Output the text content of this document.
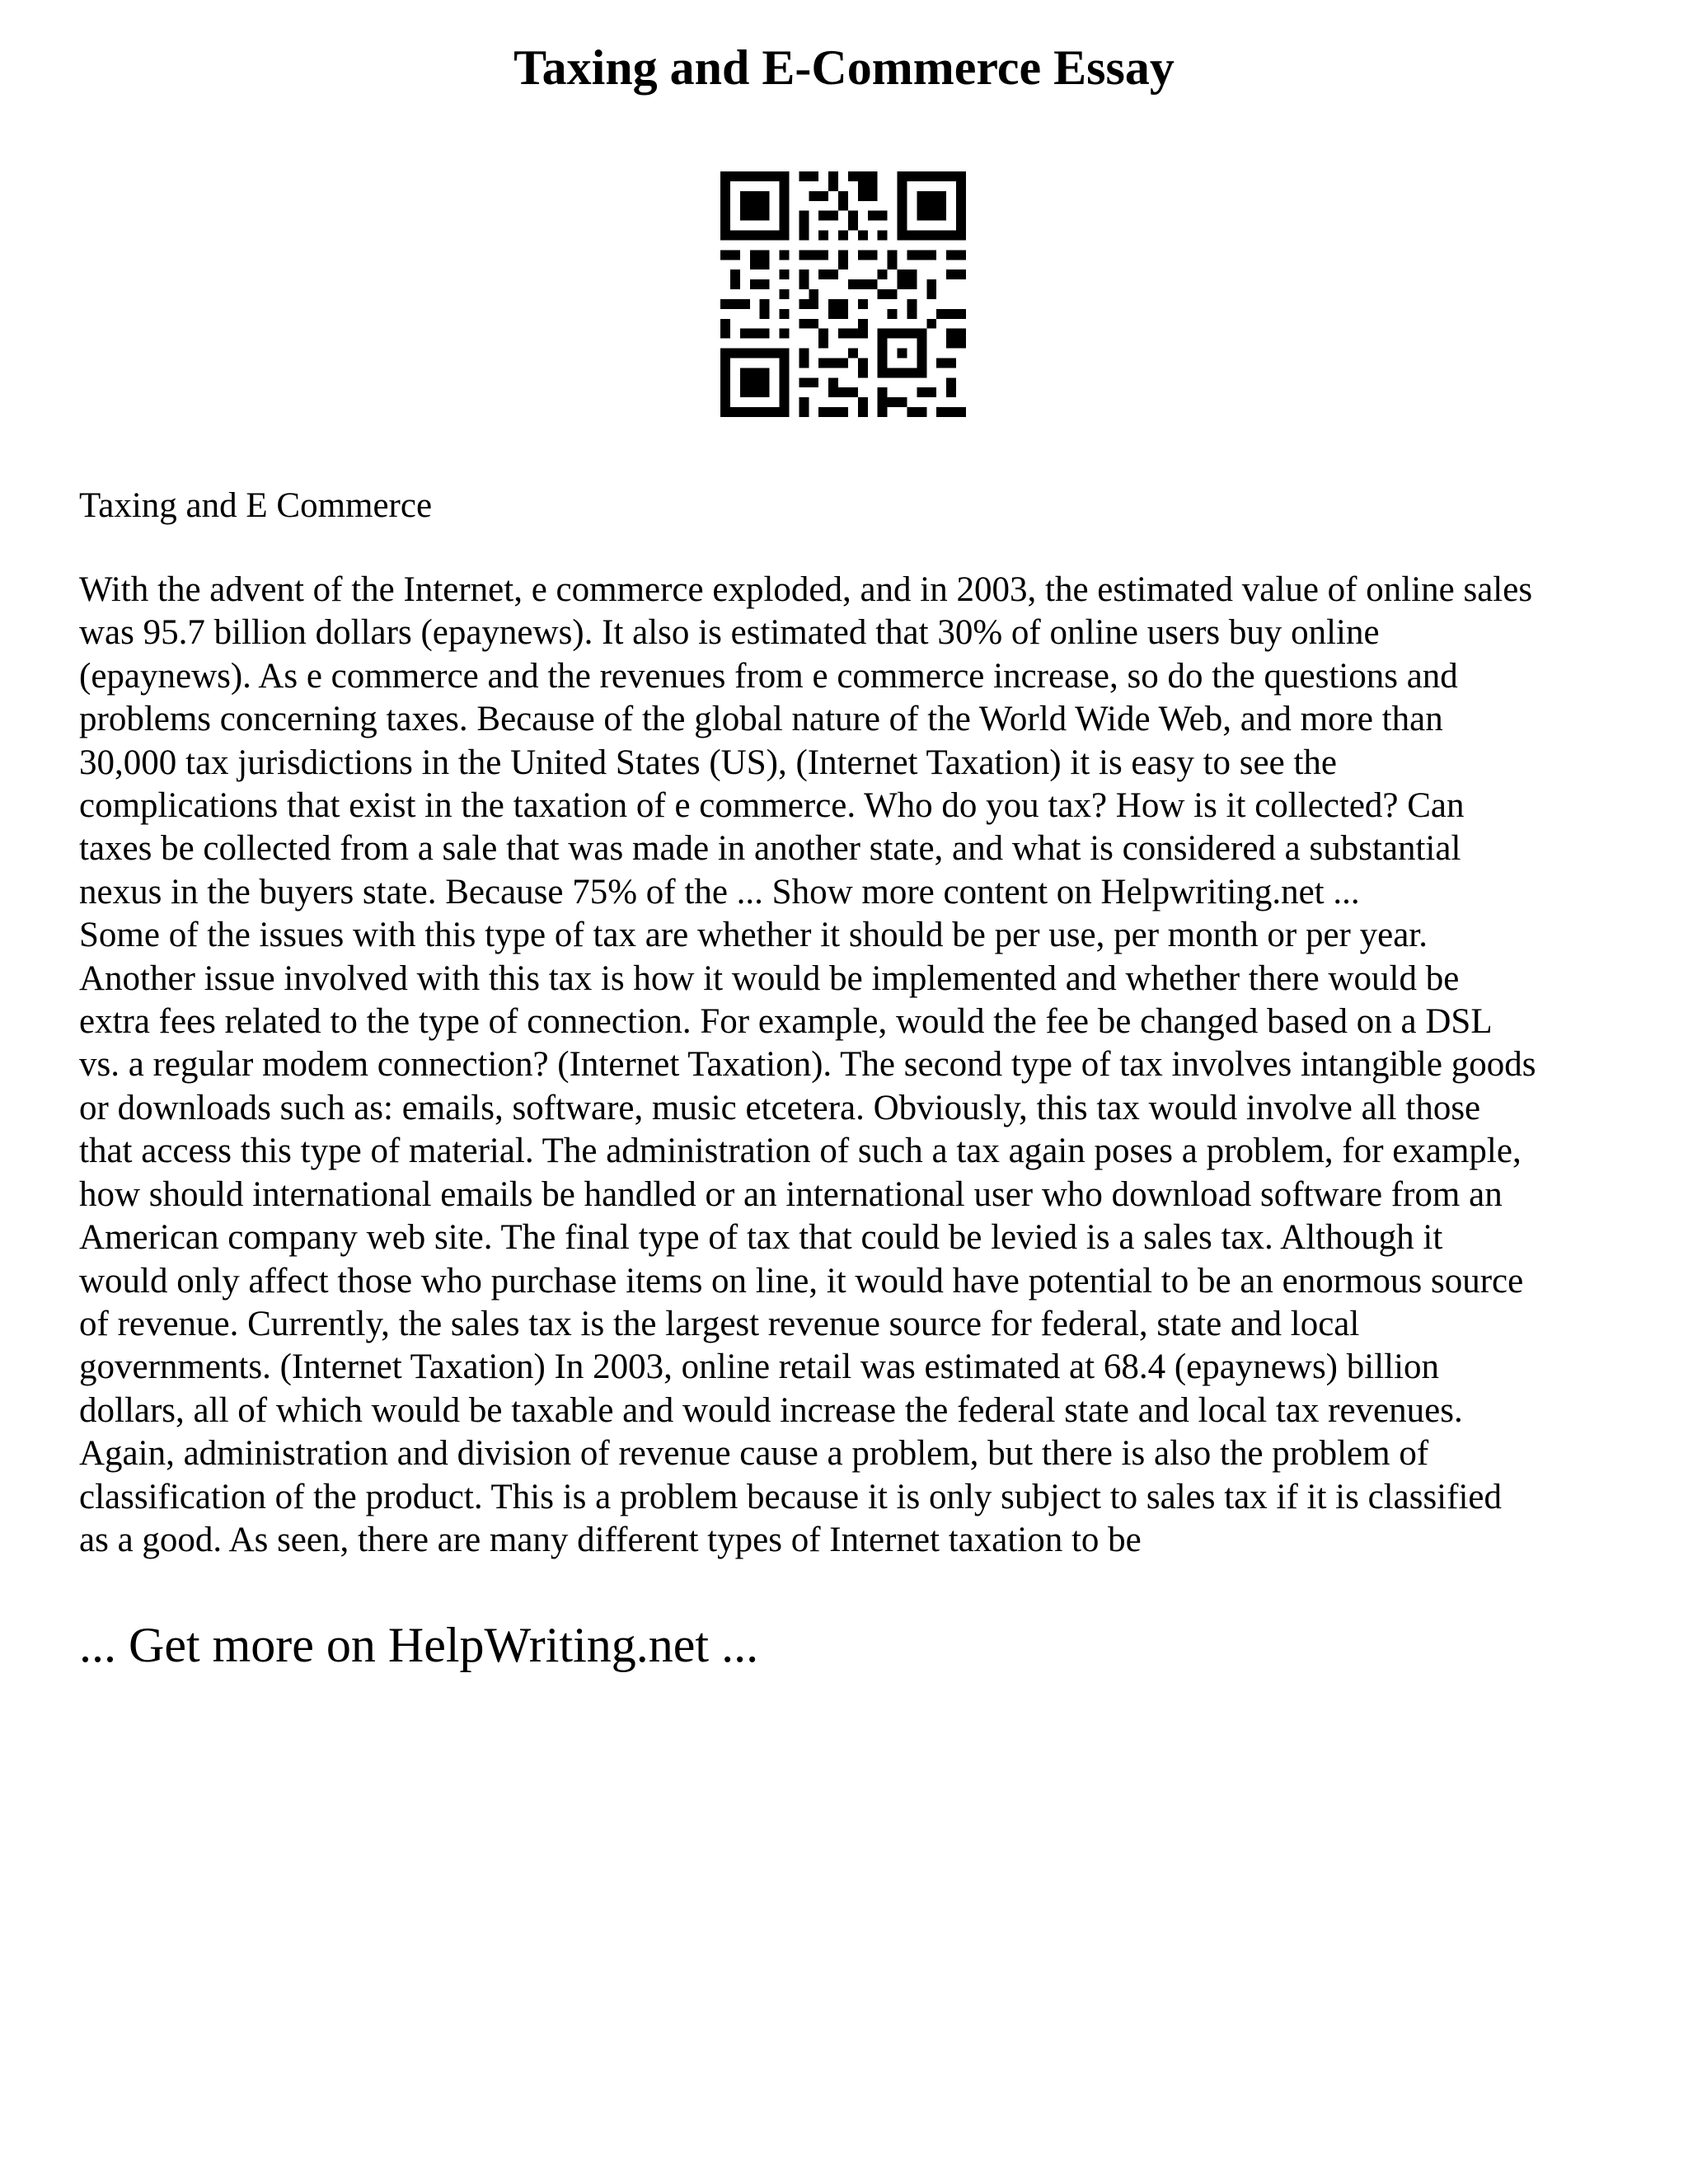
Taxing and E-Commerce Essay

Taxing and E Commerce

With the advent of the Internet, e commerce exploded, and in 2003, the estimated value of online sales
was 95.7 billion dollars (epaynews). It also is estimated that 30% of online users buy online
(epaynews). As e commerce and the revenues from e commerce increase, so do the questions and
problems concerning taxes. Because of the global nature of the World Wide Web, and more than
30,000 tax jurisdictions in the United States (US), (Internet Taxation) it is easy to see the
complications that exist in the taxation of e commerce. Who do you tax? How is it collected? Can
taxes be collected from a sale that was made in another state, and what is considered a substantial
nexus in the buyers state. Because 75% of the ... Show more content on Helpwriting.net ...
Some of the issues with this type of tax are whether it should be per use, per month or per year.
Another issue involved with this tax is how it would be implemented and whether there would be
extra fees related to the type of connection. For example, would the fee be changed based on a DSL
vs. a regular modem connection? (Internet Taxation). The second type of tax involves intangible goods
or downloads such as: emails, software, music etcetera. Obviously, this tax would involve all those
that access this type of material. The administration of such a tax again poses a problem, for example,
how should international emails be handled or an international user who download software from an
American company web site. The final type of tax that could be levied is a sales tax. Although it
would only affect those who purchase items on line, it would have potential to be an enormous source
of revenue. Currently, the sales tax is the largest revenue source for federal, state and local
governments. (Internet Taxation) In 2003, online retail was estimated at 68.4 (epaynews) billion
dollars, all of which would be taxable and would increase the federal state and local tax revenues.
Again, administration and division of revenue cause a problem, but there is also the problem of
classification of the product. This is a problem because it is only subject to sales tax if it is classified
as a good. As seen, there are many different types of Internet taxation to be

... Get more on HelpWriting.net ...
